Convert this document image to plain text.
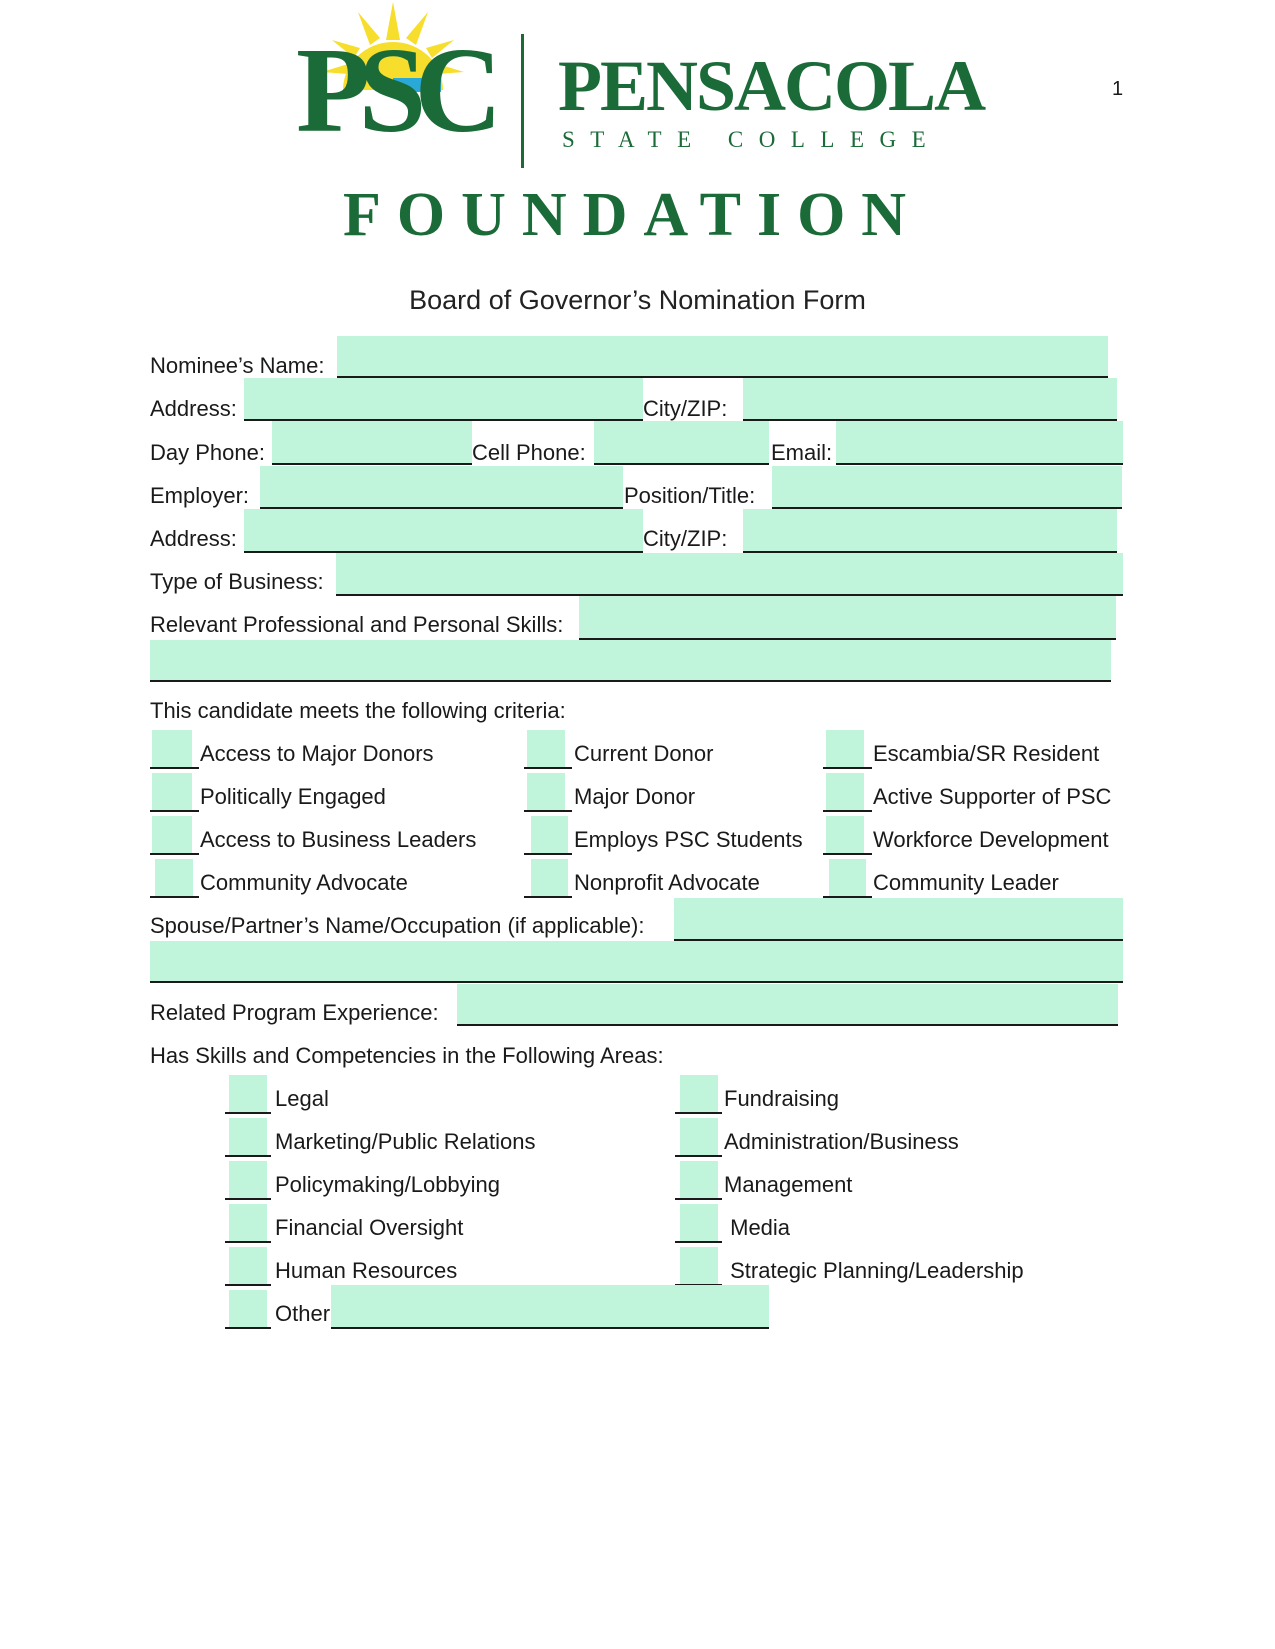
1
PSC PENSACOLA
STATE COLLEGE
FOUNDATION
Board of Governor’s Nomination Form
Nominee’s Name:
Address:	City/ZIP:
Day Phone:	Cell Phone:	Email:
Employer:	Position/Title:
Address:	City/ZIP:
Type of Business:
Relevant Professional and Personal Skills:
This candidate meets the following criteria:
Access to Major Donors	Current Donor	Escambia/SR Resident
Politically Engaged	Major Donor	Active Supporter of PSC
Access to Business Leaders	Employs PSC Students	Workforce Development
Community Advocate	Nonprofit Advocate	Community Leader
Spouse/Partner’s Name/Occupation (if applicable):
Related Program Experience:
Has Skills and Competencies in the Following Areas:
Legal	Fundraising
Marketing/Public Relations	Administration/Business
Policymaking/Lobbying	Management
Financial Oversight	Media
Human Resources	Strategic Planning/Leadership
Other
